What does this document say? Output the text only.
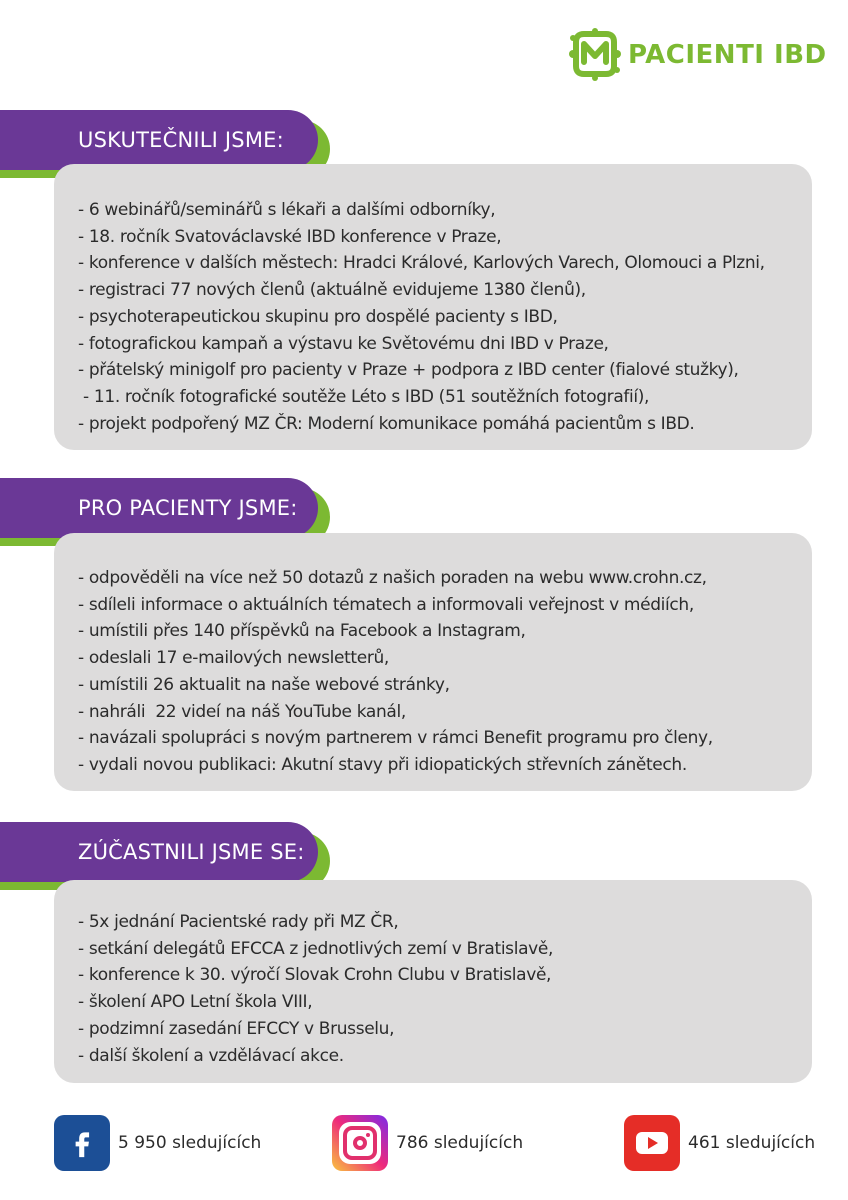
PACIENTI IBD
USKUTEČNILI JSME:
- 6 webinářů/seminářů s lékaři a dalšími odborníky,
- 18. ročník Svatováclavské IBD konference v Praze,
- konference v dalších městech: Hradci Králové, Karlových Varech, Olomouci a Plzni,
- registraci 77 nových členů (aktuálně evidujeme 1380 členů),
- psychoterapeutickou skupinu pro dospělé pacienty s IBD,
- fotografickou kampaň a výstavu ke Světovému dni IBD v Praze,
- přátelský minigolf pro pacienty v Praze + podpora z IBD center (fialové stužky),
- 11. ročník fotografické soutěže Léto s IBD (51 soutěžních fotografií),
- projekt podpořený MZ ČR: Moderní komunikace pomáhá pacientům s IBD.
PRO PACIENTY JSME:
- odpověděli na více než 50 dotazů z našich poraden na webu www.crohn.cz,
- sdíleli informace o aktuálních tématech a informovali veřejnost v médiích,
- umístili přes 140 příspěvků na Facebook a Instagram,
- odeslali 17 e-mailových newsletterů,
- umístili 26 aktualit na naše webové stránky,
- nahráli  22 videí na náš YouTube kanál,
- navázali spolupráci s novým partnerem v rámci Benefit programu pro členy,
- vydali novou publikaci: Akutní stavy při idiopatických střevních zánětech.
ZÚČASTNILI JSME SE:
- 5x jednání Pacientské rady při MZ ČR,
- setkání delegátů EFCCA z jednotlivých zemí v Bratislavě,
- konference k 30. výročí Slovak Crohn Clubu v Bratislavě,
- školení APO Letní škola VIII,
- podzimní zasedání EFCCY v Brusselu,
- další školení a vzdělávací akce.
5 950 sledujících	786 sledujících	461 sledujících
